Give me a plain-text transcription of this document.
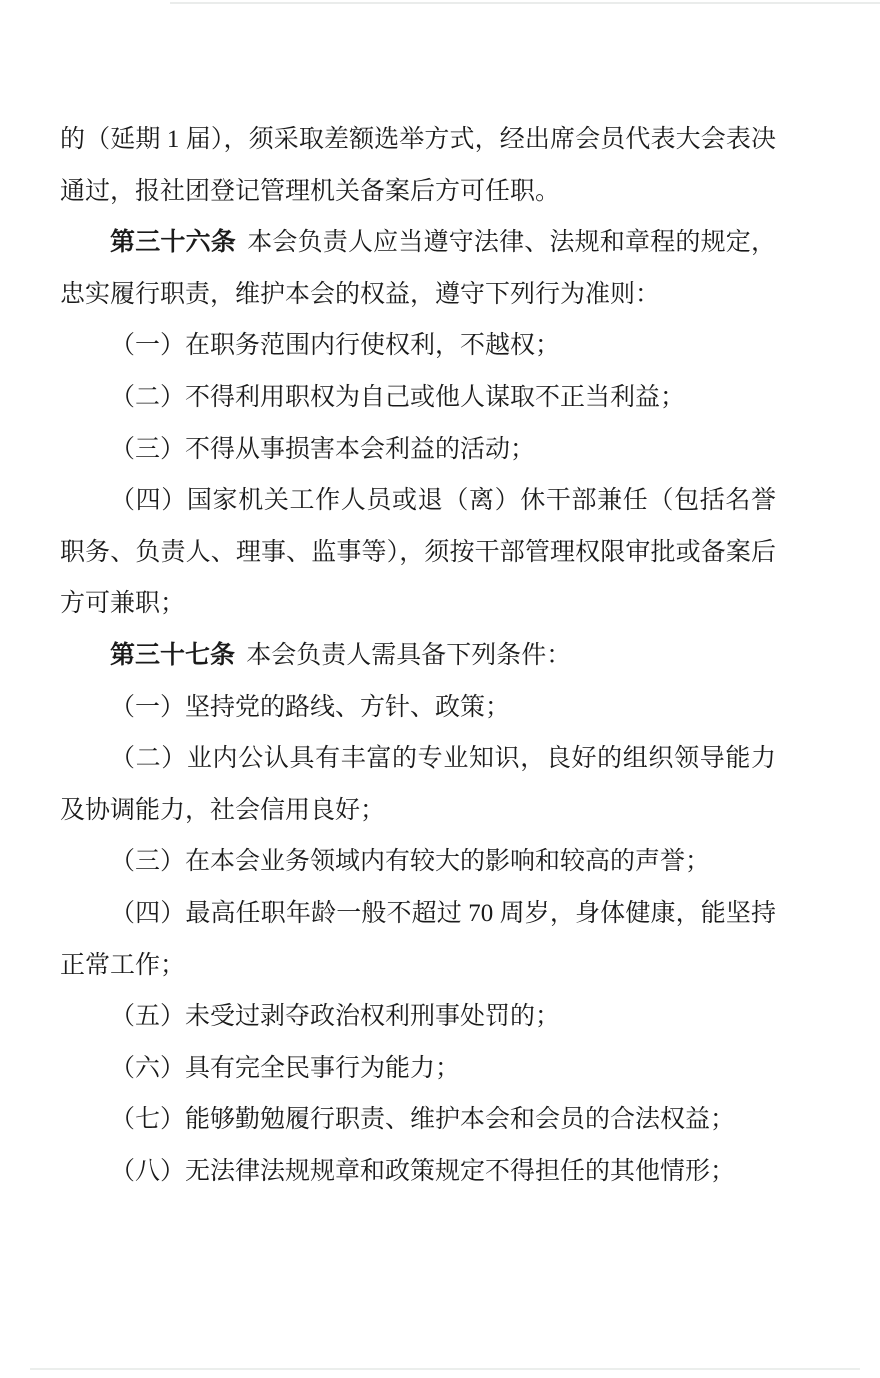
的（延期 1 届），须采取差额选举方式，经出席会员代表大会表决通过，报社团登记管理机关备案后方可任职。

第三十六条 本会负责人应当遵守法律、法规和章程的规定，忠实履行职责，维护本会的权益，遵守下列行为准则：

（一）在职务范围内行使权利，不越权；

（二）不得利用职权为自己或他人谋取不正当利益；

（三）不得从事损害本会利益的活动；

（四）国家机关工作人员或退（离）休干部兼任（包括名誉职务、负责人、理事、监事等），须按干部管理权限审批或备案后方可兼职；

第三十七条 本会负责人需具备下列条件：

（一）坚持党的路线、方针、政策；

（二）业内公认具有丰富的专业知识，良好的组织领导能力及协调能力，社会信用良好；

（三）在本会业务领域内有较大的影响和较高的声誉；

（四）最高任职年龄一般不超过 70 周岁，身体健康，能坚持正常工作；

（五）未受过剥夺政治权利刑事处罚的；

（六）具有完全民事行为能力；

（七）能够勤勉履行职责、维护本会和会员的合法权益；

（八）无法律法规规章和政策规定不得担任的其他情形；
